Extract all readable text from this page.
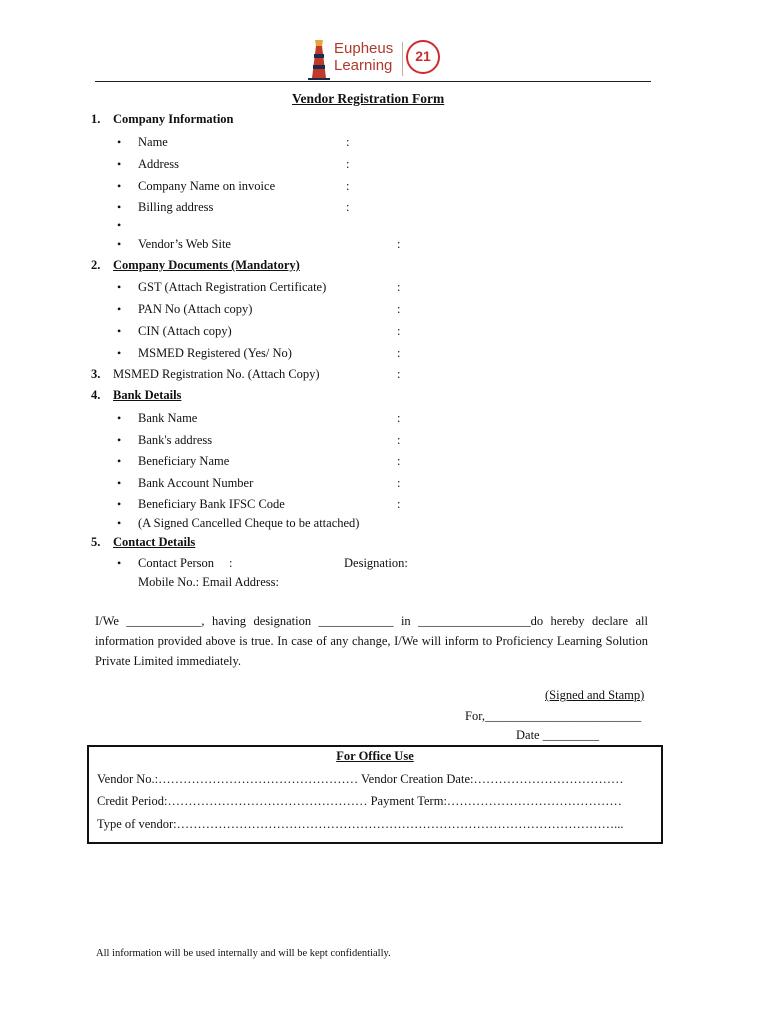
Eupheus
Learning
21
Vendor Registration Form
1. Company Information
• Name	:
• Address	:
• Company Name on invoice	:
• Billing address	:
•
• Vendor’s Web Site	:
2. Company Documents (Mandatory)
• GST (Attach Registration Certificate)	:
• PAN No (Attach copy)	:
• CIN (Attach copy)	:
• MSMED Registered (Yes/ No)	:
3. MSMED Registration No. (Attach Copy)	:
4. Bank Details
• Bank Name	:
• Bank's address	:
• Beneficiary Name	:
• Bank Account Number	:
• Beneficiary Bank IFSC Code	:
• (A Signed Cancelled Cheque to be attached)
5. Contact Details
• Contact Person :	Designation:
Mobile No.: Email Address:
I/We ____________, having designation ____________ in __________________do hereby declare all information provided above is true. In case of any change, I/We will inform to Proficiency Learning Solution Private Limited immediately.
(Signed and Stamp)
For,_________________________
Date _________
For Office Use
Vendor No.:………………………………………… Vendor Creation Date:………………………………
Credit Period:………………………………………… Payment Term:……………………………………
Type of vendor:……………………………………………………………………………………………...
All information will be used internally and will be kept confidentially.
